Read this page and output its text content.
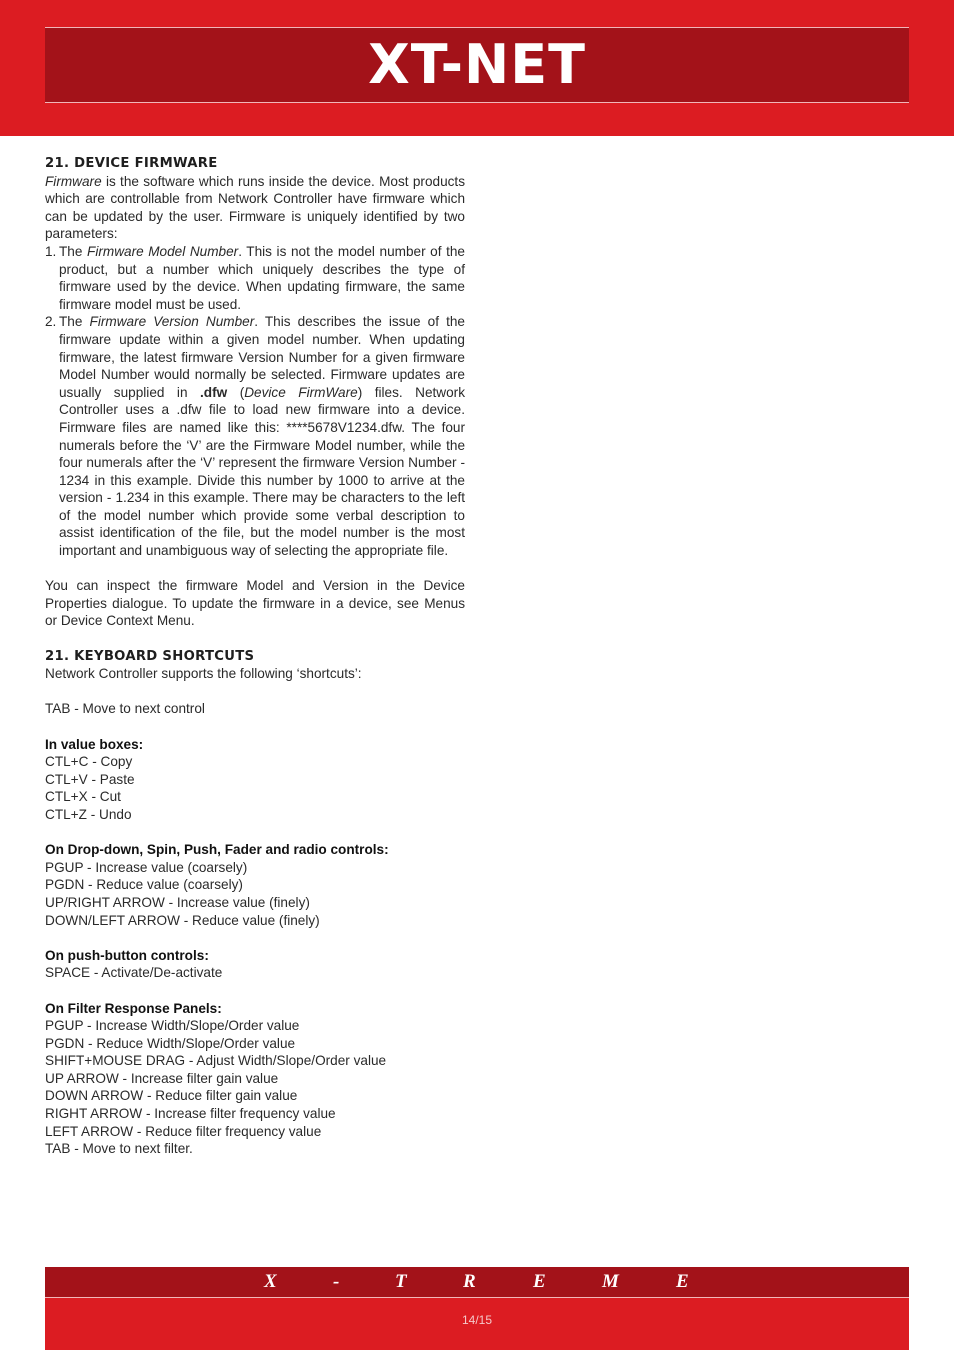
XT-NET

21. DEVICE FIRMWARE

Firmware is the software which runs inside the device. Most products which are controllable from Network Controller have firmware which can be updated by the user. Firmware is uniquely identified by two parameters:

1. The Firmware Model Number. This is not the model number of the product, but a number which uniquely describes the type of firmware used by the device. When updating firmware, the same firmware model must be used.
2. The Firmware Version Number. This describes the issue of the firmware update within a given model number. When updating firmware, the latest firmware Version Number for a given firmware Model Number would normally be selected. Firmware updates are usually supplied in .dfw (Device FirmWare) files. Network Controller uses a .dfw file to load new firmware into a device. Firmware files are named like this: ****5678V1234.dfw. The four numerals before the ‘V’ are the Firmware Model number, while the four numerals after the ‘V’ represent the firmware Version Number - 1234 in this example. Divide this number by 1000 to arrive at the version - 1.234 in this example. There may be characters to the left of the model number which provide some verbal description to assist identification of the file, but the model number is the most important and unambiguous way of selecting the appropriate file.

You can inspect the firmware Model and Version in the Device Properties dialogue. To update the firmware in a device, see Menus or Device Context Menu.

21. KEYBOARD SHORTCUTS

Network Controller supports the following ‘shortcuts’:

TAB - Move to next control

In value boxes:

CTL+C - Copy

CTL+V - Paste

CTL+X - Cut

CTL+Z - Undo

On Drop-down, Spin, Push, Fader and radio controls:

PGUP - Increase value (coarsely)

PGDN - Reduce value (coarsely)

UP/RIGHT ARROW - Increase value (finely)

DOWN/LEFT ARROW - Reduce value (finely)

On push-button controls:

SPACE - Activate/De-activate

On Filter Response Panels:

PGUP - Increase Width/Slope/Order value

PGDN - Reduce Width/Slope/Order value

SHIFT+MOUSE DRAG - Adjust Width/Slope/Order value

UP ARROW - Increase filter gain value

DOWN ARROW - Reduce filter gain value

RIGHT ARROW - Increase filter frequency value

LEFT ARROW - Reduce filter frequency value

TAB - Move to next filter.

X	-	T	R	E	M	E
14/15
